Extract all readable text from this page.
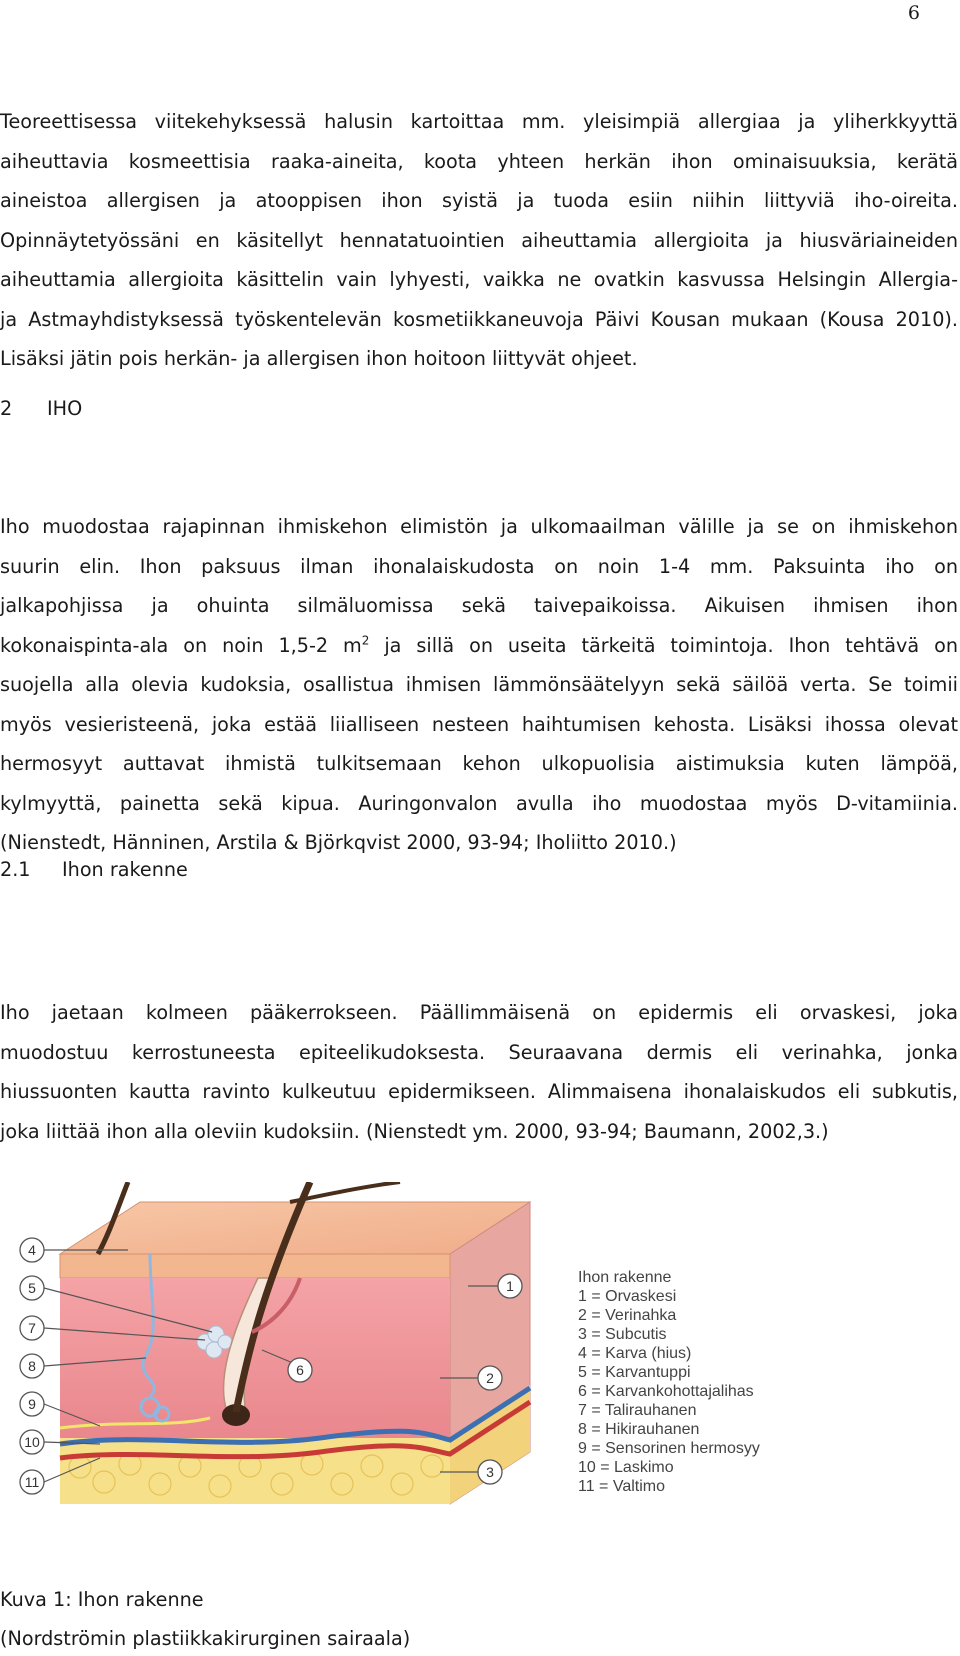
6
Teoreettisessa viitekehyksessä halusin kartoittaa mm. yleisimpiä allergiaa ja yliherkkyyttä
aiheuttavia kosmeettisia raaka-aineita, koota yhteen herkän ihon ominaisuuksia, kerätä
aineistoa allergisen ja atooppisen ihon syistä ja tuoda esiin niihin liittyviä iho-oireita.
Opinnäytetyössäni en käsitellyt hennatatuointien aiheuttamia allergioita ja hiusväriaineiden
aiheuttamia allergioita käsittelin vain lyhyesti, vaikka ne ovatkin kasvussa Helsingin Allergia-
ja Astmayhdistyksessä työskentelevän kosmetiikkaneuvoja Päivi Kousan mukaan (Kousa 2010).
Lisäksi jätin pois herkän- ja allergisen ihon hoitoon liittyvät ohjeet.
2 IHO
Iho muodostaa rajapinnan ihmiskehon elimistön ja ulkomaailman välille ja se on ihmiskehon
suurin elin. Ihon paksuus ilman ihonalaiskudosta on noin 1-4 mm. Paksuinta iho on
jalkapohjissa ja ohuinta silmäluomissa sekä taivepaikoissa. Aikuisen ihmisen ihon
kokonaispinta-ala on noin 1,5-2 $m^2$ ja sillä on useita tärkeitä toimintoja. Ihon tehtävä on
suojella alla olevia kudoksia, osallistua ihmisen lämmönsäätelyyn sekä säilöä verta. Se toimii
myös vesieristeenä, joka estää liialliseen nesteen haihtumisen kehosta. Lisäksi ihossa olevat
hermosyyt auttavat ihmistä tulkitsemaan kehon ulkopuolisia aistimuksia kuten lämpöä,
kylmyyttä, painetta sekä kipua. Auringonvalon avulla iho muodostaa myös D-vitamiinia.
(Nienstedt, Hänninen, Arstila & Björkqvist 2000, 93-94; Iholiitto 2010.)
2.1 Ihon rakenne
Iho jaetaan kolmeen pääkerrokseen. Päällimmäisenä on epidermis eli orvaskesi, joka
muodostuu kerrostuneesta epiteelikudoksesta. Seuraavana dermis eli verinahka, jonka
hiussuonten kautta ravinto kulkeutuu epidermikseen. Alimmaisena ihonalaiskudos eli subkutis,
joka liittää ihon alla oleviin kudoksiin. (Nienstedt ym. 2000, 93-94; Baumann, 2002,3.)
4
5
7
8
9
10
11
1
2
3
6
Ihon rakenne
1 = Orvaskesi
2 = Verinahka
3 = Subcutis
4 = Karva (hius)
5 = Karvantuppi
6 = Karvankohottajalihas
7 = Talirauhanen
8 = Hikirauhanen
9 = Sensorinen hermosyy
10 = Laskimo
11 = Valtimo
Kuva 1: Ihon rakenne
(Nordströmin plastiikkakirurginen sairaala)
